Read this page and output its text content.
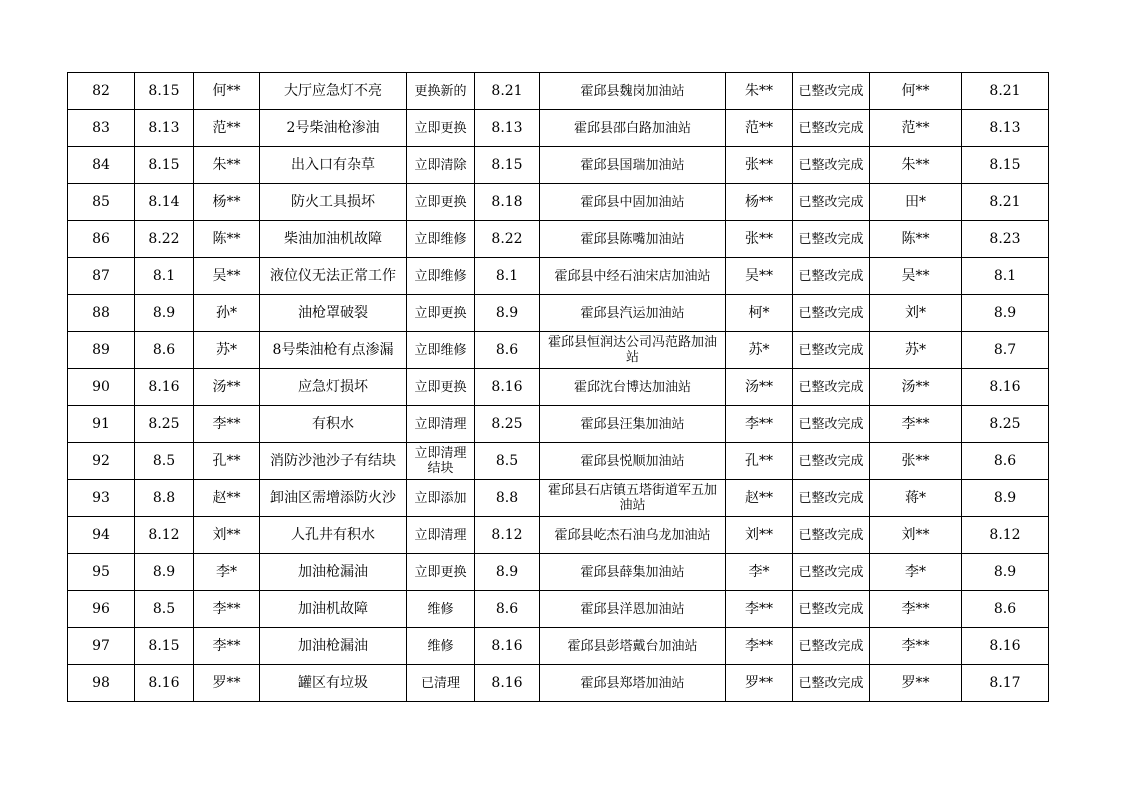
82	8.15	何**	大厅应急灯不亮	更换新的	8.21	霍邱县魏岗加油站	朱**	已整改完成	何**	8.21
83	8.13	范**	2号柴油枪渗油	立即更换	8.13	霍邱县邵白路加油站	范**	已整改完成	范**	8.13
84	8.15	朱**	出入口有杂草	立即清除	8.15	霍邱县国瑞加油站	张**	已整改完成	朱**	8.15
85	8.14	杨**	防火工具损坏	立即更换	8.18	霍邱县中固加油站	杨**	已整改完成	田*	8.21
86	8.22	陈**	柴油加油机故障	立即维修	8.22	霍邱县陈嘴加油站	张**	已整改完成	陈**	8.23
87	8.1	吴**	液位仪无法正常工作	立即维修	8.1	霍邱县中经石油宋店加油站	吴**	已整改完成	吴**	8.1
88	8.9	孙*	油枪罩破裂	立即更换	8.9	霍邱县汽运加油站	柯*	已整改完成	刘*	8.9
89	8.6	苏*	8号柴油枪有点渗漏	立即维修	8.6	霍邱县恒润达公司冯范路加油站	苏*	已整改完成	苏*	8.7
90	8.16	汤**	应急灯损坏	立即更换	8.16	霍邱沈台博达加油站	汤**	已整改完成	汤**	8.16
91	8.25	李**	有积水	立即清理	8.25	霍邱县汪集加油站	李**	已整改完成	李**	8.25
92	8.5	孔**	消防沙池沙子有结块	立即清理结块	8.5	霍邱县悦顺加油站	孔**	已整改完成	张**	8.6
93	8.8	赵**	卸油区需增添防火沙	立即添加	8.8	霍邱县石店镇五塔街道军五加油站	赵**	已整改完成	蒋*	8.9
94	8.12	刘**	人孔井有积水	立即清理	8.12	霍邱县屹杰石油乌龙加油站	刘**	已整改完成	刘**	8.12
95	8.9	李*	加油枪漏油	立即更换	8.9	霍邱县薛集加油站	李*	已整改完成	李*	8.9
96	8.5	李**	加油机故障	维修	8.6	霍邱县洋恩加油站	李**	已整改完成	李**	8.6
97	8.15	李**	加油枪漏油	维修	8.16	霍邱县彭塔戴台加油站	李**	已整改完成	李**	8.16
98	8.16	罗**	罐区有垃圾	已清理	8.16	霍邱县郑塔加油站	罗**	已整改完成	罗**	8.17
